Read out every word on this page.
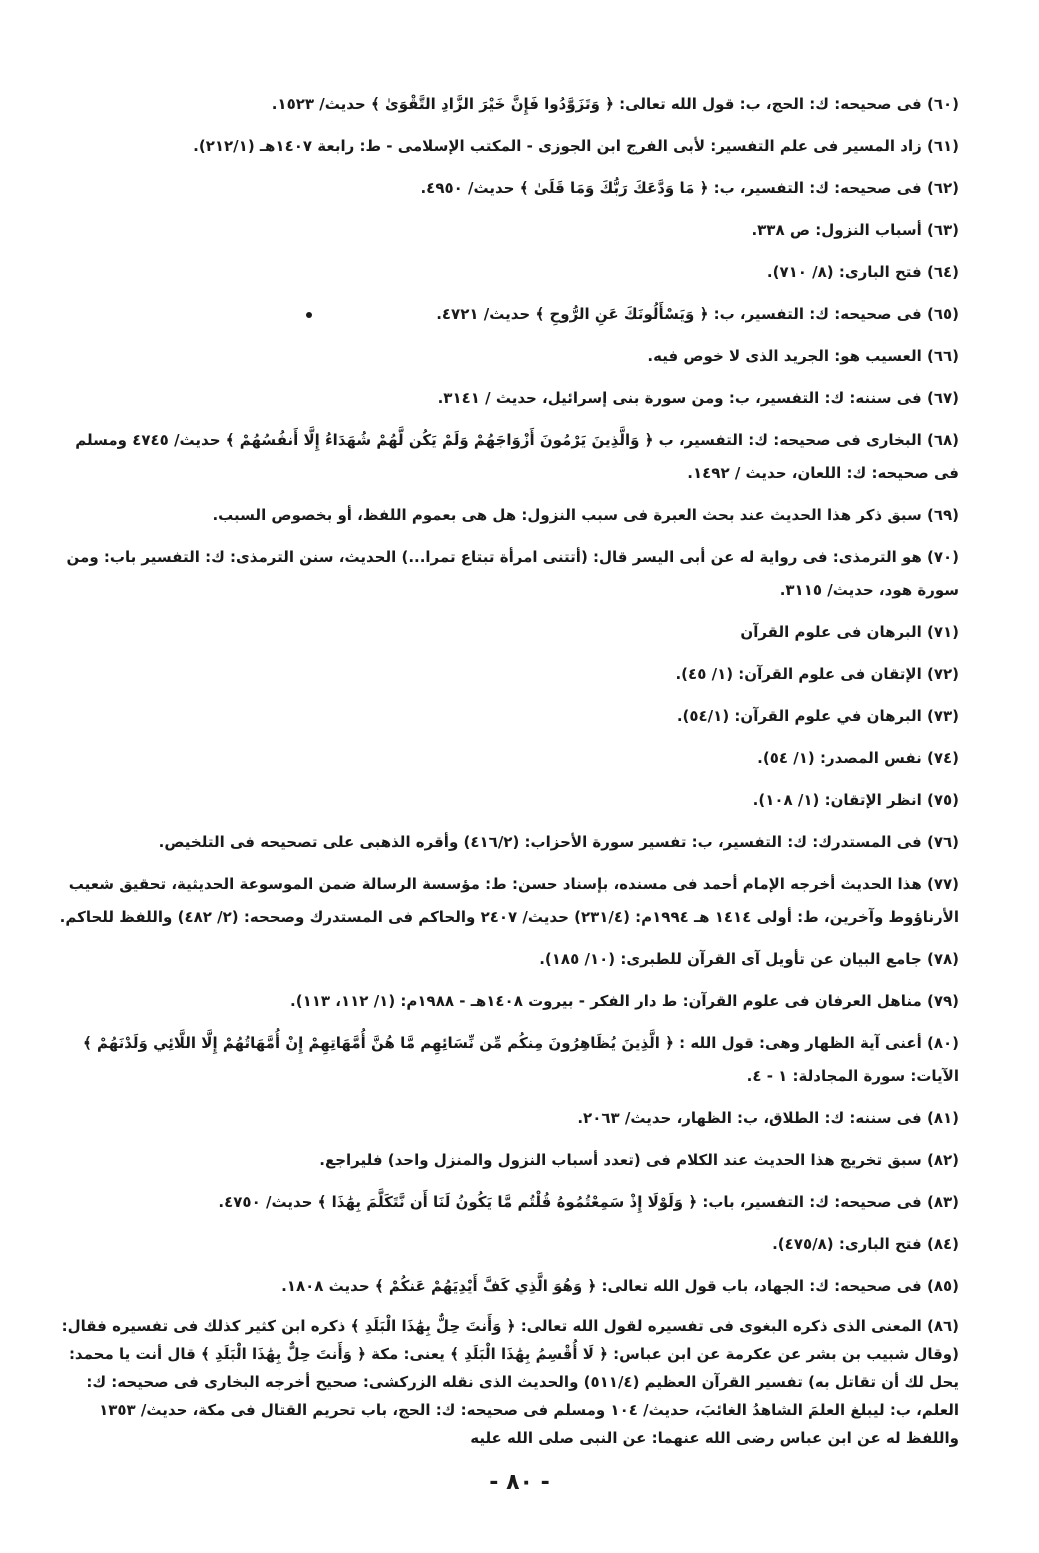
(٦٠) فى صحيحه: ك: الحج، ب: قول الله تعالى: ﴿ وَتَزَوَّدُوا فَإِنَّ خَيْرَ الزَّادِ التَّقْوَىٰ ﴾ حديث/ ١٥٢٣.

(٦١) زاد المسير فى علم التفسير: لأبى الفرج ابن الجوزى - المكتب الإسلامى - ط: رابعة ١٤٠٧هـ (٢١٢/١).

(٦٢) فى صحيحه: ك: التفسير، ب: ﴿ مَا وَدَّعَكَ رَبُّكَ وَمَا قَلَىٰ ﴾ حديث/ ٤٩٥٠.

(٦٣) أسباب النزول: ص ٣٣٨.

(٦٤) فتح البارى: (٨/ ٧١٠).

(٦٥) فى صحيحه: ك: التفسير، ب: ﴿ وَيَسْأَلُونَكَ عَنِ الرُّوحِ ﴾ حديث/ ٤٧٢١.

(٦٦) العسيب هو: الجريد الذى لا خوص فيه.

(٦٧) فى سننه: ك: التفسير، ب: ومن سورة بنى إسرائيل، حديث / ٣١٤١.

(٦٨) البخارى فى صحيحه: ك: التفسير، ب ﴿ وَالَّذِينَ يَرْمُونَ أَزْوَاجَهُمْ وَلَمْ يَكُن لَّهُمْ شُهَدَاءُ إِلَّا أَنفُسُهُمْ ﴾ حديث/ ٤٧٤٥ ومسلم فى صحيحه: ك: اللعان، حديث / ١٤٩٢.

(٦٩) سبق ذكر هذا الحديث عند بحث العبرة فى سبب النزول: هل هى بعموم اللفظ، أو بخصوص السبب.

(٧٠) هو الترمذى: فى رواية له عن أبى اليسر قال: (أتتنى امرأة تبتاع تمرا...) الحديث، سنن الترمذى: ك: التفسير باب: ومن سورة هود، حديث/ ٣١١٥.

(٧١) البرهان فى علوم القرآن

(٧٢) الإتقان فى علوم القرآن: (١/ ٤٥).

(٧٣) البرهان في علوم القرآن: (٥٤/١).

(٧٤) نفس المصدر: (١/ ٥٤).

(٧٥) انظر الإتقان: (١/ ١٠٨).

(٧٦) فى المستدرك: ك: التفسير، ب: تفسير سورة الأحزاب: (٤١٦/٢) وأقره الذهبى على تصحيحه فى التلخيص.

(٧٧) هذا الحديث أخرجه الإمام أحمد فى مسنده، بإسناد حسن: ط: مؤسسة الرسالة ضمن الموسوعة الحديثية، تحقيق شعيب الأرناؤوط وآخرين، ط: أولى ١٤١٤ هـ ١٩٩٤م: (٢٣١/٤) حديث/ ٢٤٠٧ والحاكم فى المستدرك وصححه: (٢/ ٤٨٢) واللفظ للحاكم.

(٧٨) جامع البيان عن تأويل آى القرآن للطبرى: (١٠/ ١٨٥).

(٧٩) مناهل العرفان فى علوم القرآن: ط دار الفكر - بيروت ١٤٠٨هـ - ١٩٨٨م: (١/ ١١٢، ١١٣).

(٨٠) أعنى آية الظهار وهى: قول الله : ﴿ الَّذِينَ يُظَاهِرُونَ مِنكُم مِّن نِّسَائِهِم مَّا هُنَّ أُمَّهَاتِهِمْ إِنْ أُمَّهَاتُهُمْ إِلَّا اللَّائِي وَلَدْنَهُمْ ﴾ الآيات: سورة المجادلة: ١ - ٤.

(٨١) فى سننه: ك: الطلاق، ب: الظهار، حديث/ ٢٠٦٣.

(٨٢) سبق تخريج هذا الحديث عند الكلام فى (تعدد أسباب النزول والمنزل واحد) فليراجع.

(٨٣) فى صحيحه: ك: التفسير، باب: ﴿ وَلَوْلَا إِذْ سَمِعْتُمُوهُ قُلْتُم مَّا يَكُونُ لَنَا أَن نَّتَكَلَّمَ بِهَٰذَا ﴾ حديث/ ٤٧٥٠.

(٨٤) فتح البارى: (٤٧٥/٨).

(٨٥) فى صحيحه: ك: الجهاد، باب قول الله تعالى: ﴿ وَهُوَ الَّذِي كَفَّ أَيْدِيَهُمْ عَنكُمْ ﴾ حديث ١٨٠٨.

(٨٦) المعنى الذى ذكره البغوى فى تفسيره لقول الله تعالى: ﴿ وَأَنتَ حِلٌّ بِهَٰذَا الْبَلَدِ ﴾ ذكره ابن كثير كذلك فى تفسيره فقال: (وقال شبيب بن بشر عن عكرمة عن ابن عباس: ﴿ لَا أُقْسِمُ بِهَٰذَا الْبَلَدِ ﴾ يعنى: مكة ﴿ وَأَنتَ حِلٌّ بِهَٰذَا الْبَلَدِ ﴾ قال أنت يا محمد: يحل لك أن تقاتل به) تفسير القرآن العظيم (٥١١/٤) والحديث الذى نقله الزركشى: صحيح أخرجه البخارى فى صحيحه: ك: العلم، ب: ليبلغ العلمَ الشاهدُ الغائبَ، حديث/ ١٠٤ ومسلم فى صحيحه: ك: الحج، باب تحريم القتال فى مكة، حديث/ ١٣٥٣ واللفظ له عن ابن عباس رضى الله عنهما: عن النبى صلى الله عليه

- ٨٠ -
